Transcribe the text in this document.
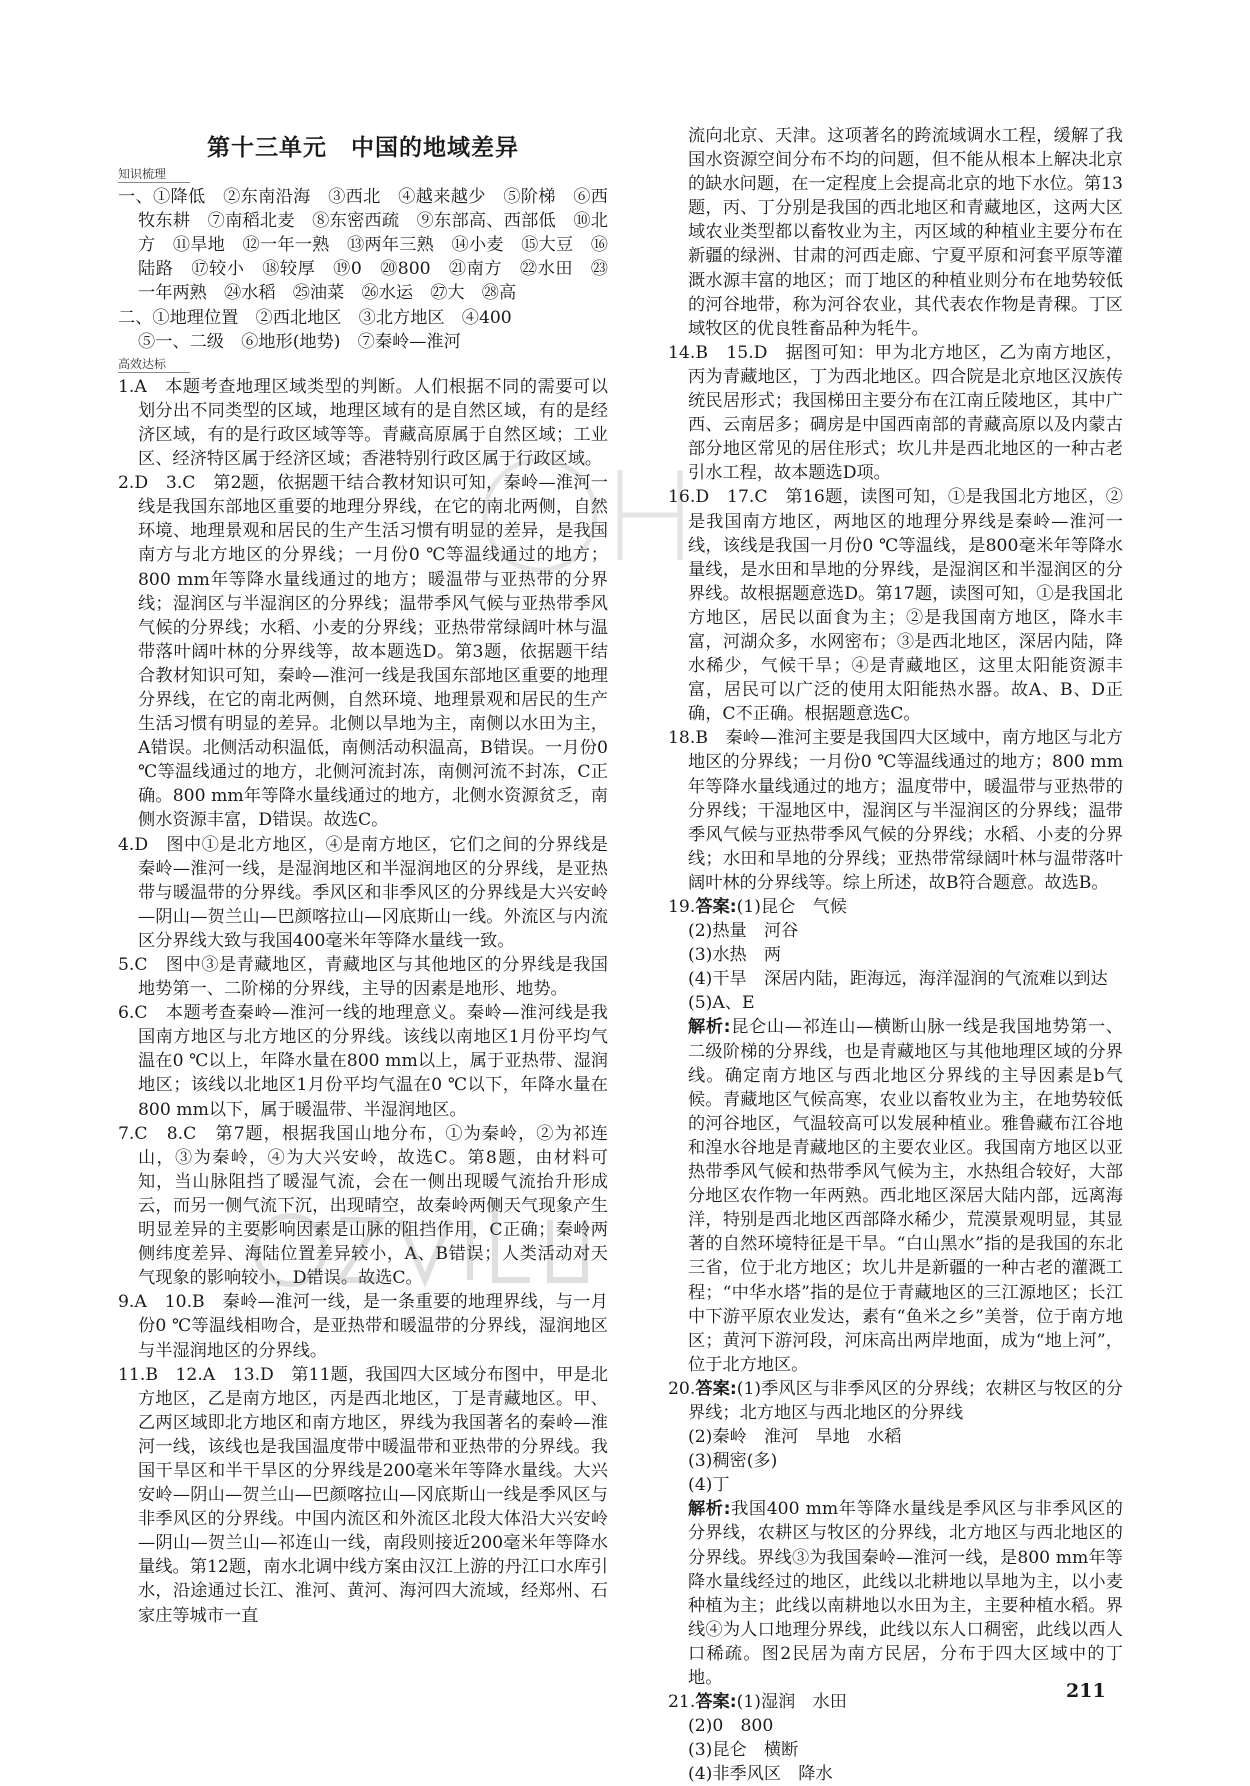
第十三单元　中国的地域差异
知识梳理

一、①降低　②东南沿海　③西北　④越来越少　⑤阶梯　⑥西牧东耕　⑦南稻北麦　⑧东密西疏　⑨东部高、西部低　⑩北方　⑪旱地　⑫一年一熟　⑬两年三熟　⑭小麦　⑮大豆　⑯陆路　⑰较小　⑱较厚　⑲0　⑳800　㉑南方　㉒水田　㉓一年两熟　㉔水稻　㉕油菜　㉖水运　㉗大　㉘高

二、①地理位置　②西北地区　③北方地区　④400

⑤一、二级　⑥地形(地势)　⑦秦岭—淮河

高效达标

1.A　本题考查地理区域类型的判断。人们根据不同的需要可以划分出不同类型的区域，地理区域有的是自然区域，有的是经济区域，有的是行政区域等等。青藏高原属于自然区域；工业区、经济特区属于经济区域；香港特别行政区属于行政区域。

2.D　3.C　第2题，依据题干结合教材知识可知，秦岭—淮河一线是我国东部地区重要的地理分界线，在它的南北两侧，自然环境、地理景观和居民的生产生活习惯有明显的差异，是我国南方与北方地区的分界线；一月份0 ℃等温线通过的地方；800 mm年等降水量线通过的地方；暖温带与亚热带的分界线；湿润区与半湿润区的分界线；温带季风气候与亚热带季风气候的分界线；水稻、小麦的分界线；亚热带常绿阔叶林与温带落叶阔叶林的分界线等，故本题选D。第3题，依据题干结合教材知识可知，秦岭—淮河一线是我国东部地区重要的地理分界线，在它的南北两侧，自然环境、地理景观和居民的生产生活习惯有明显的差异。北侧以旱地为主，南侧以水田为主，A错误。北侧活动积温低，南侧活动积温高，B错误。一月份0 ℃等温线通过的地方，北侧河流封冻，南侧河流不封冻，C正确。800 mm年等降水量线通过的地方，北侧水资源贫乏，南侧水资源丰富，D错误。故选C。

4.D　图中①是北方地区，④是南方地区，它们之间的分界线是秦岭—淮河一线，是湿润地区和半湿润地区的分界线，是亚热带与暖温带的分界线。季风区和非季风区的分界线是大兴安岭—阴山—贺兰山—巴颜喀拉山—冈底斯山一线。外流区与内流区分界线大致与我国400毫米年等降水量线一致。

5.C　图中③是青藏地区，青藏地区与其他地区的分界线是我国地势第一、二阶梯的分界线，主导的因素是地形、地势。

6.C　本题考查秦岭—淮河一线的地理意义。秦岭—淮河线是我国南方地区与北方地区的分界线。该线以南地区1月份平均气温在0 ℃以上，年降水量在800 mm以上，属于亚热带、湿润地区；该线以北地区1月份平均气温在0 ℃以下，年降水量在800 mm以下，属于暖温带、半湿润地区。

7.C　8.C　第7题，根据我国山地分布，①为秦岭，②为祁连山，③为秦岭，④为大兴安岭，故选C。第8题，由材料可知，当山脉阻挡了暖湿气流，会在一侧出现暖气流抬升形成云，而另一侧气流下沉，出现晴空，故秦岭两侧天气现象产生明显差异的主要影响因素是山脉的阻挡作用，C正确；秦岭两侧纬度差异、海陆位置差异较小，A、B错误；人类活动对天气现象的影响较小，D错误。故选C。

9.A　10.B　秦岭—淮河一线，是一条重要的地理界线，与一月份0 ℃等温线相吻合，是亚热带和暖温带的分界线，湿润地区与半湿润地区的分界线。

11.B　12.A　13.D　第11题，我国四大区域分布图中，甲是北方地区，乙是南方地区，丙是西北地区，丁是青藏地区。甲、乙两区域即北方地区和南方地区，界线为我国著名的秦岭—淮河一线，该线也是我国温度带中暖温带和亚热带的分界线。我国干旱区和半干旱区的分界线是200毫米年等降水量线。大兴安岭—阴山—贺兰山—巴颜喀拉山—冈底斯山一线是季风区与非季风区的分界线。中国内流区和外流区北段大体沿大兴安岭—阴山—贺兰山—祁连山一线，南段则接近200毫米年等降水量线。第12题，南水北调中线方案由汉江上游的丹江口水库引水，沿途通过长江、淮河、黄河、海河四大流域，经郑州、石家庄等城市一直

流向北京、天津。这项著名的跨流域调水工程，缓解了我国水资源空间分布不均的问题，但不能从根本上解决北京的缺水问题，在一定程度上会提高北京的地下水位。第13题，丙、丁分别是我国的西北地区和青藏地区，这两大区域农业类型都以畜牧业为主，丙区域的种植业主要分布在新疆的绿洲、甘肃的河西走廊、宁夏平原和河套平原等灌溉水源丰富的地区；而丁地区的种植业则分布在地势较低的河谷地带，称为河谷农业，其代表农作物是青稞。丁区域牧区的优良牲畜品种为牦牛。

14.B　15.D　据图可知：甲为北方地区，乙为南方地区，丙为青藏地区，丁为西北地区。四合院是北京地区汉族传统民居形式；我国梯田主要分布在江南丘陵地区，其中广西、云南居多；碉房是中国西南部的青藏高原以及内蒙古部分地区常见的居住形式；坎儿井是西北地区的一种古老引水工程，故本题选D项。

16.D　17.C　第16题，读图可知，①是我国北方地区，②是我国南方地区，两地区的地理分界线是秦岭—淮河一线，该线是我国一月份0 ℃等温线，是800毫米年等降水量线，是水田和旱地的分界线，是湿润区和半湿润区的分界线。故根据题意选D。第17题，读图可知，①是我国北方地区，居民以面食为主；②是我国南方地区，降水丰富，河湖众多，水网密布；③是西北地区，深居内陆，降水稀少，气候干旱；④是青藏地区，这里太阳能资源丰富，居民可以广泛的使用太阳能热水器。故A、B、D正确，C不正确。根据题意选C。

18.B　秦岭—淮河主要是我国四大区域中，南方地区与北方地区的分界线；一月份0 ℃等温线通过的地方；800 mm年等降水量线通过的地方；温度带中，暖温带与亚热带的分界线；干湿地区中，湿润区与半湿润区的分界线；温带季风气候与亚热带季风气候的分界线；水稻、小麦的分界线；水田和旱地的分界线；亚热带常绿阔叶林与温带落叶阔叶林的分界线等。综上所述，故B符合题意。故选B。

19.答案:(1)昆仑　气候

(2)热量　河谷

(3)水热　两

(4)干旱　深居内陆，距海远，海洋湿润的气流难以到达

(5)A、E

解析:昆仑山—祁连山—横断山脉一线是我国地势第一、二级阶梯的分界线，也是青藏地区与其他地理区域的分界线。确定南方地区与西北地区分界线的主导因素是b气候。青藏地区气候高寒，农业以畜牧业为主，在地势较低的河谷地区，气温较高可以发展种植业。雅鲁藏布江谷地和湟水谷地是青藏地区的主要农业区。我国南方地区以亚热带季风气候和热带季风气候为主，水热组合较好，大部分地区农作物一年两熟。西北地区深居大陆内部，远离海洋，特别是西北地区西部降水稀少，荒漠景观明显，其显著的自然环境特征是干旱。“白山黑水”指的是我国的东北三省，位于北方地区；坎儿井是新疆的一种古老的灌溉工程；“中华水塔”指的是位于青藏地区的三江源地区；长江中下游平原农业发达，素有“鱼米之乡”美誉，位于南方地区；黄河下游河段，河床高出两岸地面，成为“地上河”，位于北方地区。

20.答案:(1)季风区与非季风区的分界线；农耕区与牧区的分界线；北方地区与西北地区的分界线

(2)秦岭　淮河　旱地　水稻

(3)稠密(多)

(4)丁

解析:我国400 mm年等降水量线是季风区与非季风区的分界线，农耕区与牧区的分界线，北方地区与西北地区的分界线。界线③为我国秦岭—淮河一线，是800 mm年等降水量线经过的地区，此线以北耕地以旱地为主，以小麦种植为主；此线以南耕地以水田为主，主要种植水稻。界线④为人口地理分界线，此线以东人口稠密，此线以西人口稀疏。图2民居为南方民居，分布于四大区域中的丁地。

21.答案:(1)湿润　水田

(2)0　800

(3)昆仑　横断

(4)非季风区　降水

211
